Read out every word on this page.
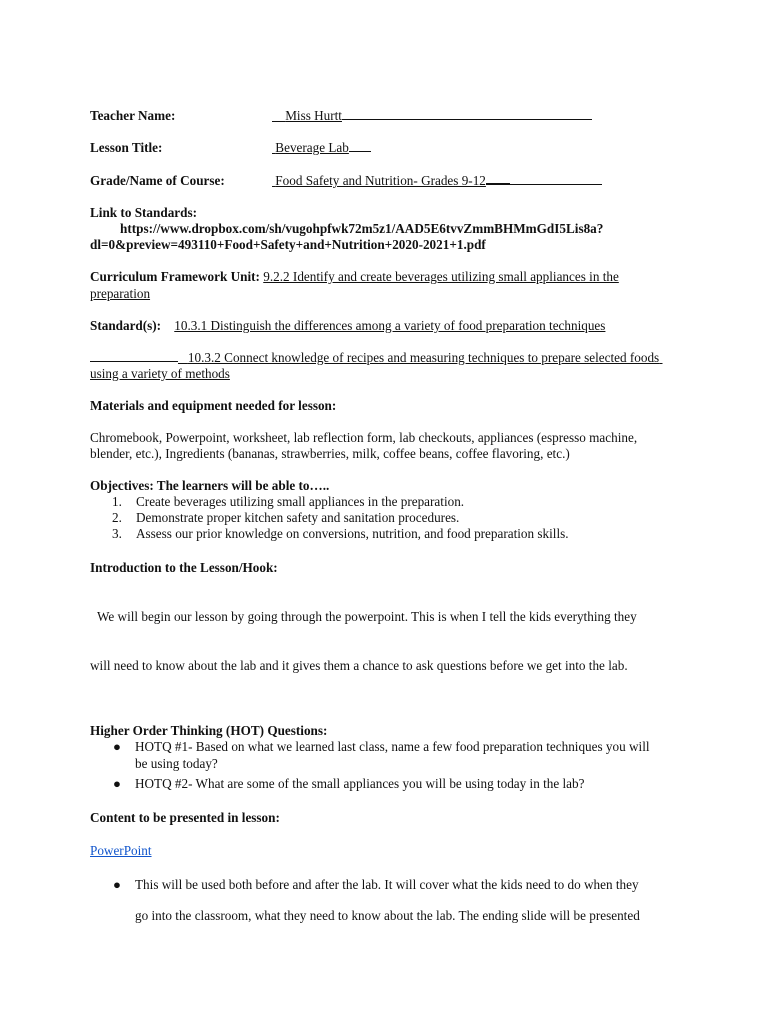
Teacher Name:	Miss Hurtt
Lesson Title:	Beverage Lab
Grade/Name of Course:	Food Safety and Nutrition- Grades 9-12
Link to Standards:
https://www.dropbox.com/sh/vugohpfwk72m5z1/AAD5E6tvvZmmBHMmGdI5Lis8a?
dl=0&preview=493110+Food+Safety+and+Nutrition+2020-2021+1.pdf
Curriculum Framework Unit: 9.2.2 Identify and create beverages utilizing small appliances in the
preparation
Standard(s): 10.3.1 Distinguish the differences among a variety of food preparation techniques
10.3.2 Connect knowledge of recipes and measuring techniques to prepare selected foods
using a variety of methods
Materials and equipment needed for lesson:
Chromebook, Powerpoint, worksheet, lab reflection form, lab checkouts, appliances (espresso machine,
blender, etc.), Ingredients (bananas, strawberries, milk, coffee beans, coffee flavoring, etc.)
Objectives: The learners will be able to…..
1. Create beverages utilizing small appliances in the preparation.
2. Demonstrate proper kitchen safety and sanitation procedures.
3. Assess our prior knowledge on conversions, nutrition, and food preparation skills.
Introduction to the Lesson/Hook:
We will begin our lesson by going through the powerpoint. This is when I tell the kids everything they
will need to know about the lab and it gives them a chance to ask questions before we get into the lab.
Higher Order Thinking (HOT) Questions:
● HOTQ #1- Based on what we learned last class, name a few food preparation techniques you will
be using today?
● HOTQ #2- What are some of the small appliances you will be using today in the lab?
Content to be presented in lesson:
PowerPoint
● This will be used both before and after the lab. It will cover what the kids need to do when they
go into the classroom, what they need to know about the lab. The ending slide will be presented
